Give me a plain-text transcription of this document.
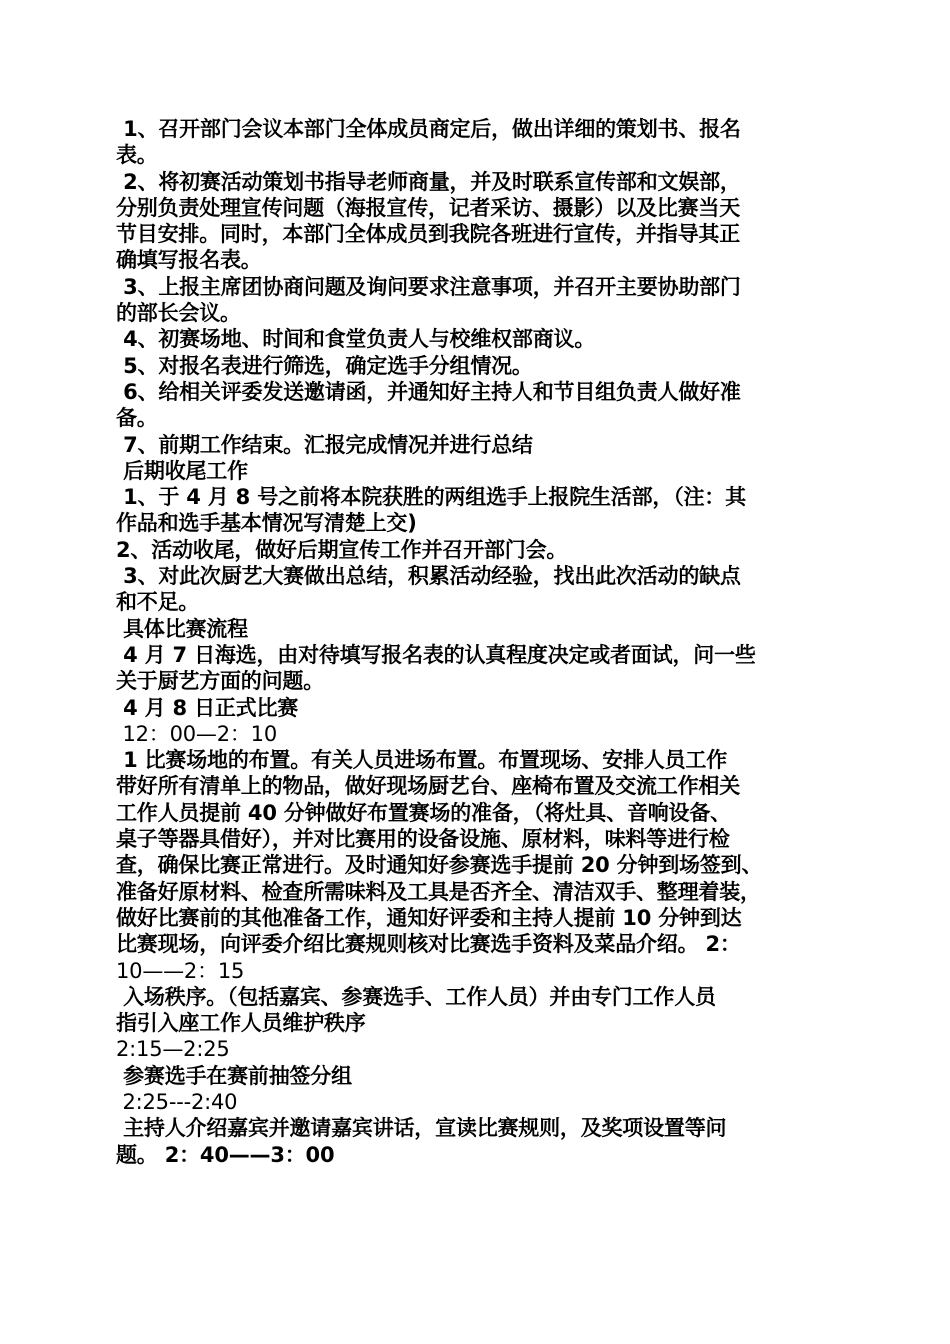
1、召开部门会议本部门全体成员商定后，做出详细的策划书、报名
表。
2、将初赛活动策划书指导老师商量，并及时联系宣传部和文娱部，
分别负责处理宣传问题（海报宣传，记者采访、摄影）以及比赛当天
节目安排。同时，本部门全体成员到我院各班进行宣传，并指导其正
确填写报名表。
3、上报主席团协商问题及询问要求注意事项，并召开主要协助部门
的部长会议。
4、初赛场地、时间和食堂负责人与校维权部商议。
5、对报名表进行筛选，确定选手分组情况。
6、给相关评委发送邀请函，并通知好主持人和节目组负责人做好准
备。
7、前期工作结束。汇报完成情况并进行总结
后期收尾工作
1、于 4 月 8 号之前将本院获胜的两组选手上报院生活部，（注：其
作品和选手基本情况写清楚上交)
2、活动收尾，做好后期宣传工作并召开部门会。
3、对此次厨艺大赛做出总结，积累活动经验，找出此次活动的缺点
和不足。
具体比赛流程
4 月 7 日海选，由对待填写报名表的认真程度决定或者面试，问一些
关于厨艺方面的问题。
4 月 8 日正式比赛
12：00—2：10
1 比赛场地的布置。有关人员进场布置。布置现场、安排人员工作
带好所有清单上的物品，做好现场厨艺台、座椅布置及交流工作相关
工作人员提前 40 分钟做好布置赛场的准备，（将灶具、音响设备、
桌子等器具借好），并对比赛用的设备设施、原材料，味料等进行检
查，确保比赛正常进行。及时通知好参赛选手提前 20 分钟到场签到、
准备好原材料、检查所需味料及工具是否齐全、清洁双手、整理着装，
做好比赛前的其他准备工作，通知好评委和主持人提前 10 分钟到达
比赛现场，向评委介绍比赛规则核对比赛选手资料及菜品介绍。 2：
10——2：15
入场秩序。（包括嘉宾、参赛选手、工作人员）并由专门工作人员
指引入座工作人员维护秩序
2:15—2:25
参赛选手在赛前抽签分组
2:25---2:40
主持人介绍嘉宾并邀请嘉宾讲话，宣读比赛规则，及奖项设置等问
题。 2：40——3：00
